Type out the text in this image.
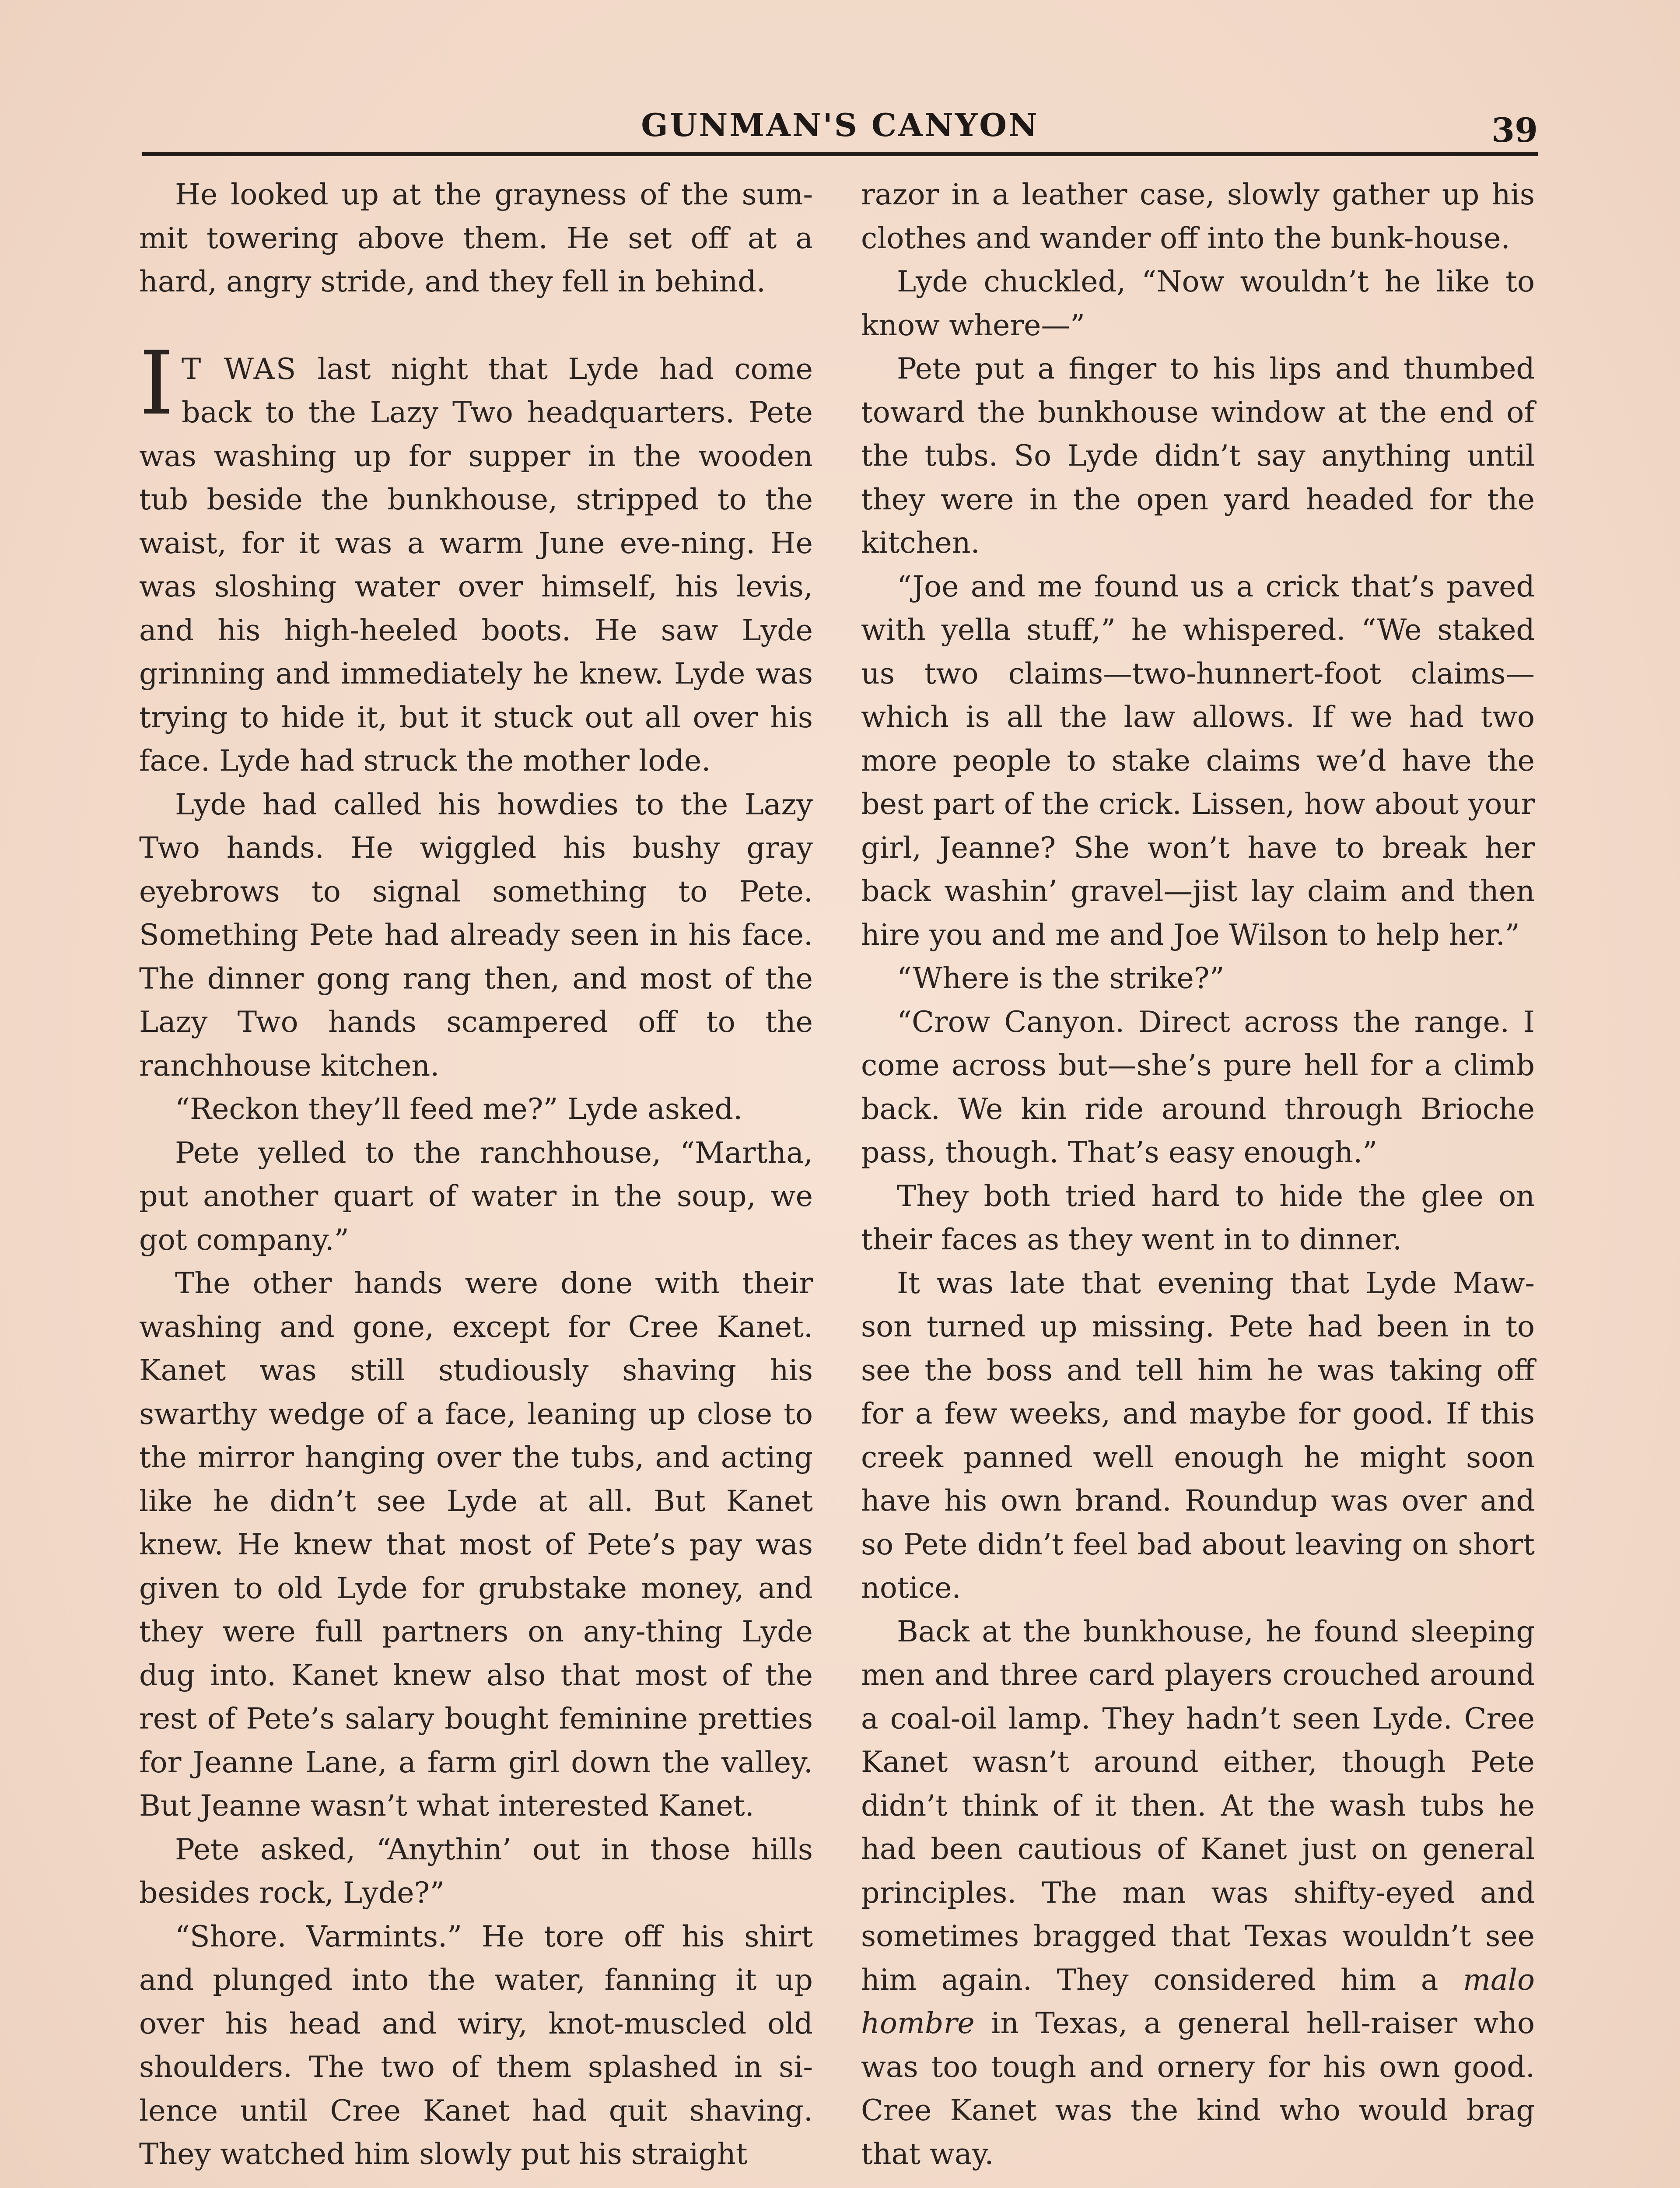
GUNMAN'S CANYON	39

He looked up at the grayness of the sum-mit towering above them. He set off at a hard, angry stride, and they fell in behind.

I T WAS last night that Lyde had come back to the Lazy Two headquarters. Pete was washing up for supper in the wooden tub beside the bunkhouse, stripped to the waist, for it was a warm June eve-ning. He was sloshing water over himself, his levis, and his high-heeled boots. He saw Lyde grinning and immediately he knew. Lyde was trying to hide it, but it stuck out all over his face. Lyde had struck the mother lode.

Lyde had called his howdies to the Lazy Two hands. He wiggled his bushy gray eyebrows to signal something to Pete. Something Pete had already seen in his face. The dinner gong rang then, and most of the Lazy Two hands scampered off to the ranchhouse kitchen.

“Reckon they’ll feed me?” Lyde asked.

Pete yelled to the ranchhouse, “Martha, put another quart of water in the soup, we got company.”

The other hands were done with their washing and gone, except for Cree Kanet. Kanet was still studiously shaving his swarthy wedge of a face, leaning up close to the mirror hanging over the tubs, and acting like he didn’t see Lyde at all. But Kanet knew. He knew that most of Pete’s pay was given to old Lyde for grubstake money, and they were full partners on any-thing Lyde dug into. Kanet knew also that most of the rest of Pete’s salary bought feminine pretties for Jeanne Lane, a farm girl down the valley. But Jeanne wasn’t what interested Kanet.

Pete asked, “Anythin’ out in those hills besides rock, Lyde?”

“Shore. Varmints.” He tore off his shirt and plunged into the water, fanning it up over his head and wiry, knot-muscled old shoulders. The two of them splashed in si-lence until Cree Kanet had quit shaving. They watched him slowly put his straight

razor in a leather case, slowly gather up his clothes and wander off into the bunk-house.

Lyde chuckled, “Now wouldn’t he like to know where—”

Pete put a finger to his lips and thumbed toward the bunkhouse window at the end of the tubs. So Lyde didn’t say anything until they were in the open yard headed for the kitchen.

“Joe and me found us a crick that’s paved with yella stuff,” he whispered. “We staked us two claims—two-hunnert-foot claims—which is all the law allows. If we had two more people to stake claims we’d have the best part of the crick. Lissen, how about your girl, Jeanne? She won’t have to break her back washin’ gravel—jist lay claim and then hire you and me and Joe Wilson to help her.”

“Where is the strike?”

“Crow Canyon. Direct across the range. I come across but—she’s pure hell for a climb back. We kin ride around through Brioche pass, though. That’s easy enough.”

They both tried hard to hide the glee on their faces as they went in to dinner.

It was late that evening that Lyde Maw-son turned up missing. Pete had been in to see the boss and tell him he was taking off for a few weeks, and maybe for good. If this creek panned well enough he might soon have his own brand. Roundup was over and so Pete didn’t feel bad about leaving on short notice.

Back at the bunkhouse, he found sleeping men and three card players crouched around a coal-oil lamp. They hadn’t seen Lyde. Cree Kanet wasn’t around either, though Pete didn’t think of it then. At the wash tubs he had been cautious of Kanet just on general principles. The man was shifty-eyed and sometimes bragged that Texas wouldn’t see him again. They considered him a malo hombre in Texas, a general hell-raiser who was too tough and ornery for his own good. Cree Kanet was the kind who would brag that way.
